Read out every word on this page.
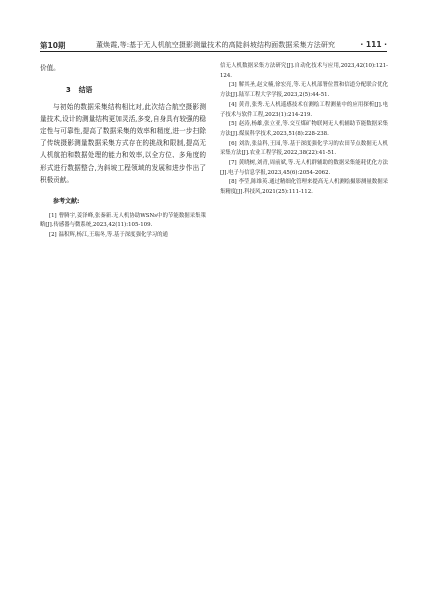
第10期	董焕霞,等:基于无人机航空摄影测量技术的高陡斜坡结构面数据采集方法研究	· 111 ·

价值。

3 结语

与初始的数据采集结构相比对,此次结合航空摄影测量技术,设计的测量结构更加灵活,多变,自身具有较强的稳定性与可靠性,提高了数据采集的效率和精度,进一步扫除了传统摄影测量数据采集方式存在的挑战和限制,提高无人机航拍和数据处理的能力和效率,以全方位、多角度的形式进行数据整合,为斜坡工程领域的发展和进步作出了积极贡献。

参考文献:

[1] 曹腾宇,姜泽峰,张秦新.无人机协助WSNs中的节能数据采集策略[J].传感器与微系统,2023,42(11):105-109.

[2] 温积辉,杨江,王瑞冬,等.基于深度强化学习的通

信无人机数据采集方法研究[J].自动化技术与应用,2023,42(10):121-124.

[3] 解其圣,赵文楠,徐宏亮,等.无人机部署位置和信道分配联合优化方法[J].陆军工程大学学报,2023,2(5):44-51.

[4] 黄青,张秀.无人机遥感技术在测绘工程测量中的应用探析[J].电子技术与软件工程,2023(1):214-219.

[5] 赵涛,杨雄,张立亚,等.交互煤矿物联网无人机辅助节能数据采集方法[J].煤炭科学技术,2023,51(8):228-238.

[6] 刘浩,张益科,王园,等.基于深度强化学习的农田节点数据无人机采集方法[J].农业工程学报,2022,38(22):41-51.

[7] 黄晓树,刘青,周前斌,等.无人机群辅助的数据采集能耗优化方法[J].电子与信息学报,2023,45(6):2054-2062.

[8] 李莹,陈维英.通过精细化管理来提高无人机测绘摄影测量数据采集精度[J].科技风,2021(25):111-112.
